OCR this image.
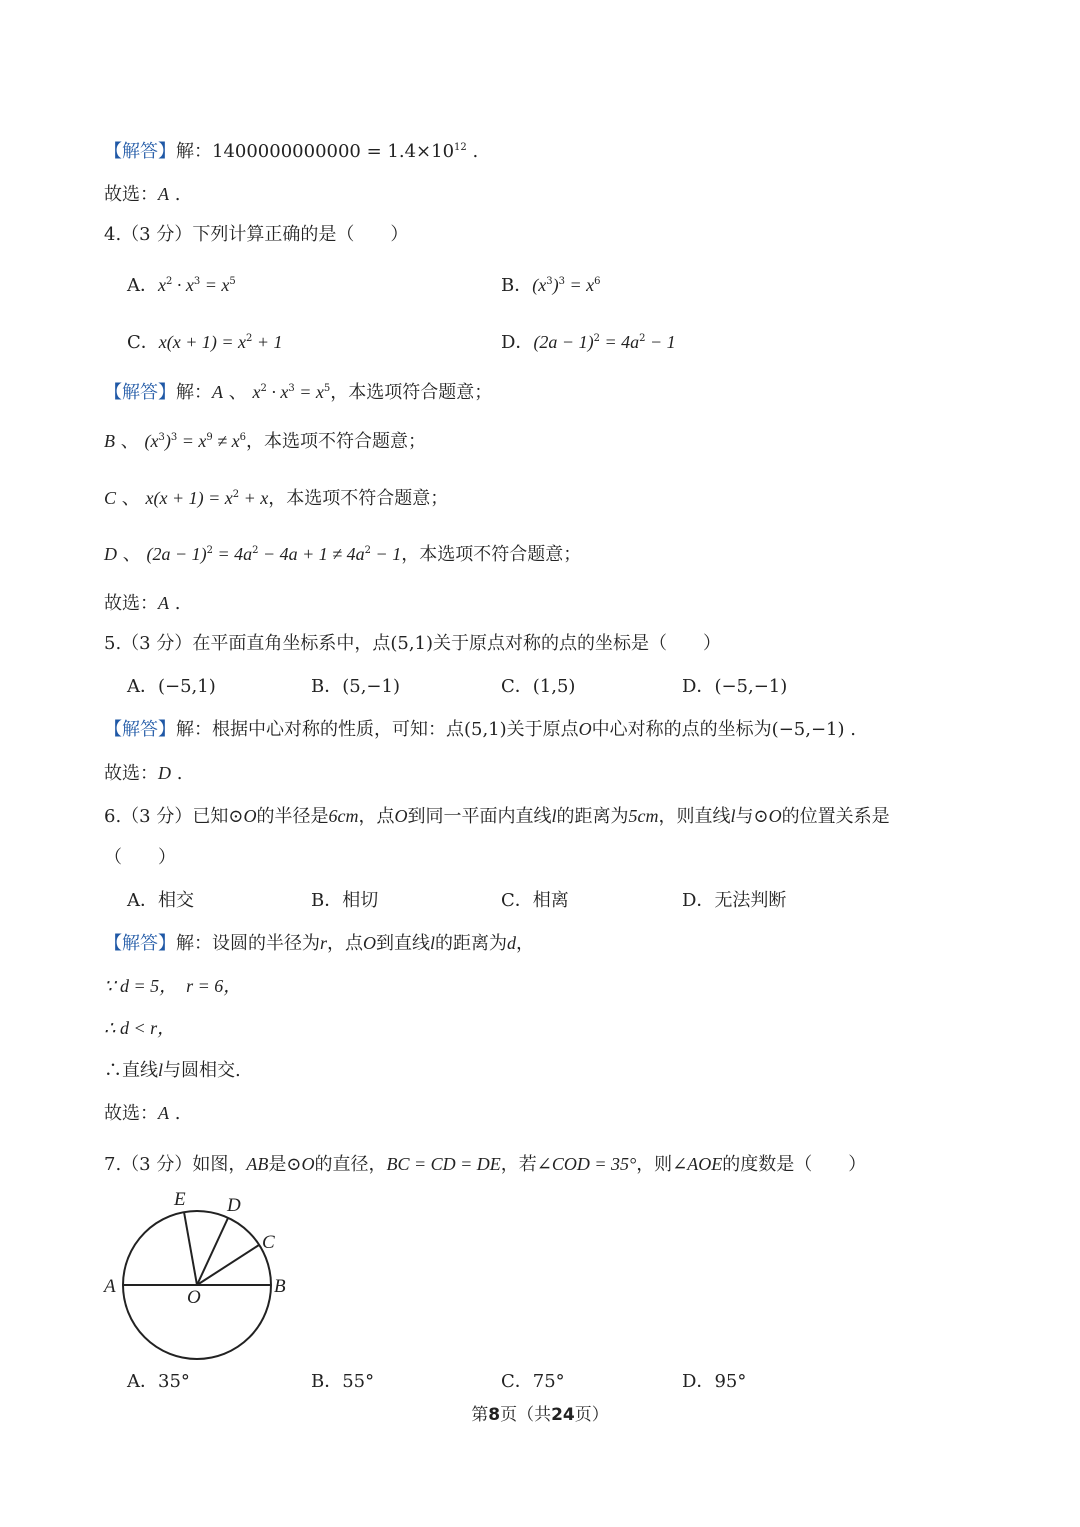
【解答】解：$1400000000000 = 1.4\times 10^{12}$ .
故选：A .
4.（3 分）下列计算正确的是（　　）
A．$x^2 \cdot x^3 = x^5$	B．$(x^3)^3 = x^6$
C．$x(x + 1) = x^2 + 1$	D．$(2a - 1)^2 = 4a^2 - 1$
【解答】解：A 、 $x^2 \cdot x^3 = x^5$，本选项符合题意；
B 、 $(x^3)^3 = x^9 \ne x^6$，本选项不符合题意；
C 、 $x(x + 1) = x^2 + x$，本选项不符合题意；
D 、 $(2a - 1)^2 = 4a^2 - 4a + 1 \ne 4a^2 - 1$，本选项不符合题意；
故选：A .
5.（3 分）在平面直角坐标系中，点(5,1)关于原点对称的点的坐标是（　　）
A．(−5,1)	B．(5,−1)	C．(1,5)	D．(−5,−1)
【解答】解：根据中心对称的性质，可知：点(5,1)关于原点O中心对称的点的坐标为(−5,−1) .
故选：D .
6.（3 分）已知⊙O的半径是6cm，点O到同一平面内直线l的距离为5cm，则直线l与⊙O的位置关系是
（　　）
A．相交	B．相切	C．相离	D．无法判断
【解答】解：设圆的半径为r，点O到直线l的距离为d，
∵ d = 5，　r = 6，
∴ d < r，
∴直线l与圆相交.
故选：A .
7.（3 分）如图，AB是⊙O的直径，BC = CD = DE，若∠COD = 35°，则∠AOE的度数是（　　）
E D
C
A	B
O
A．35°	B．55°	C．75°	D．95°
第8页（共24页）
